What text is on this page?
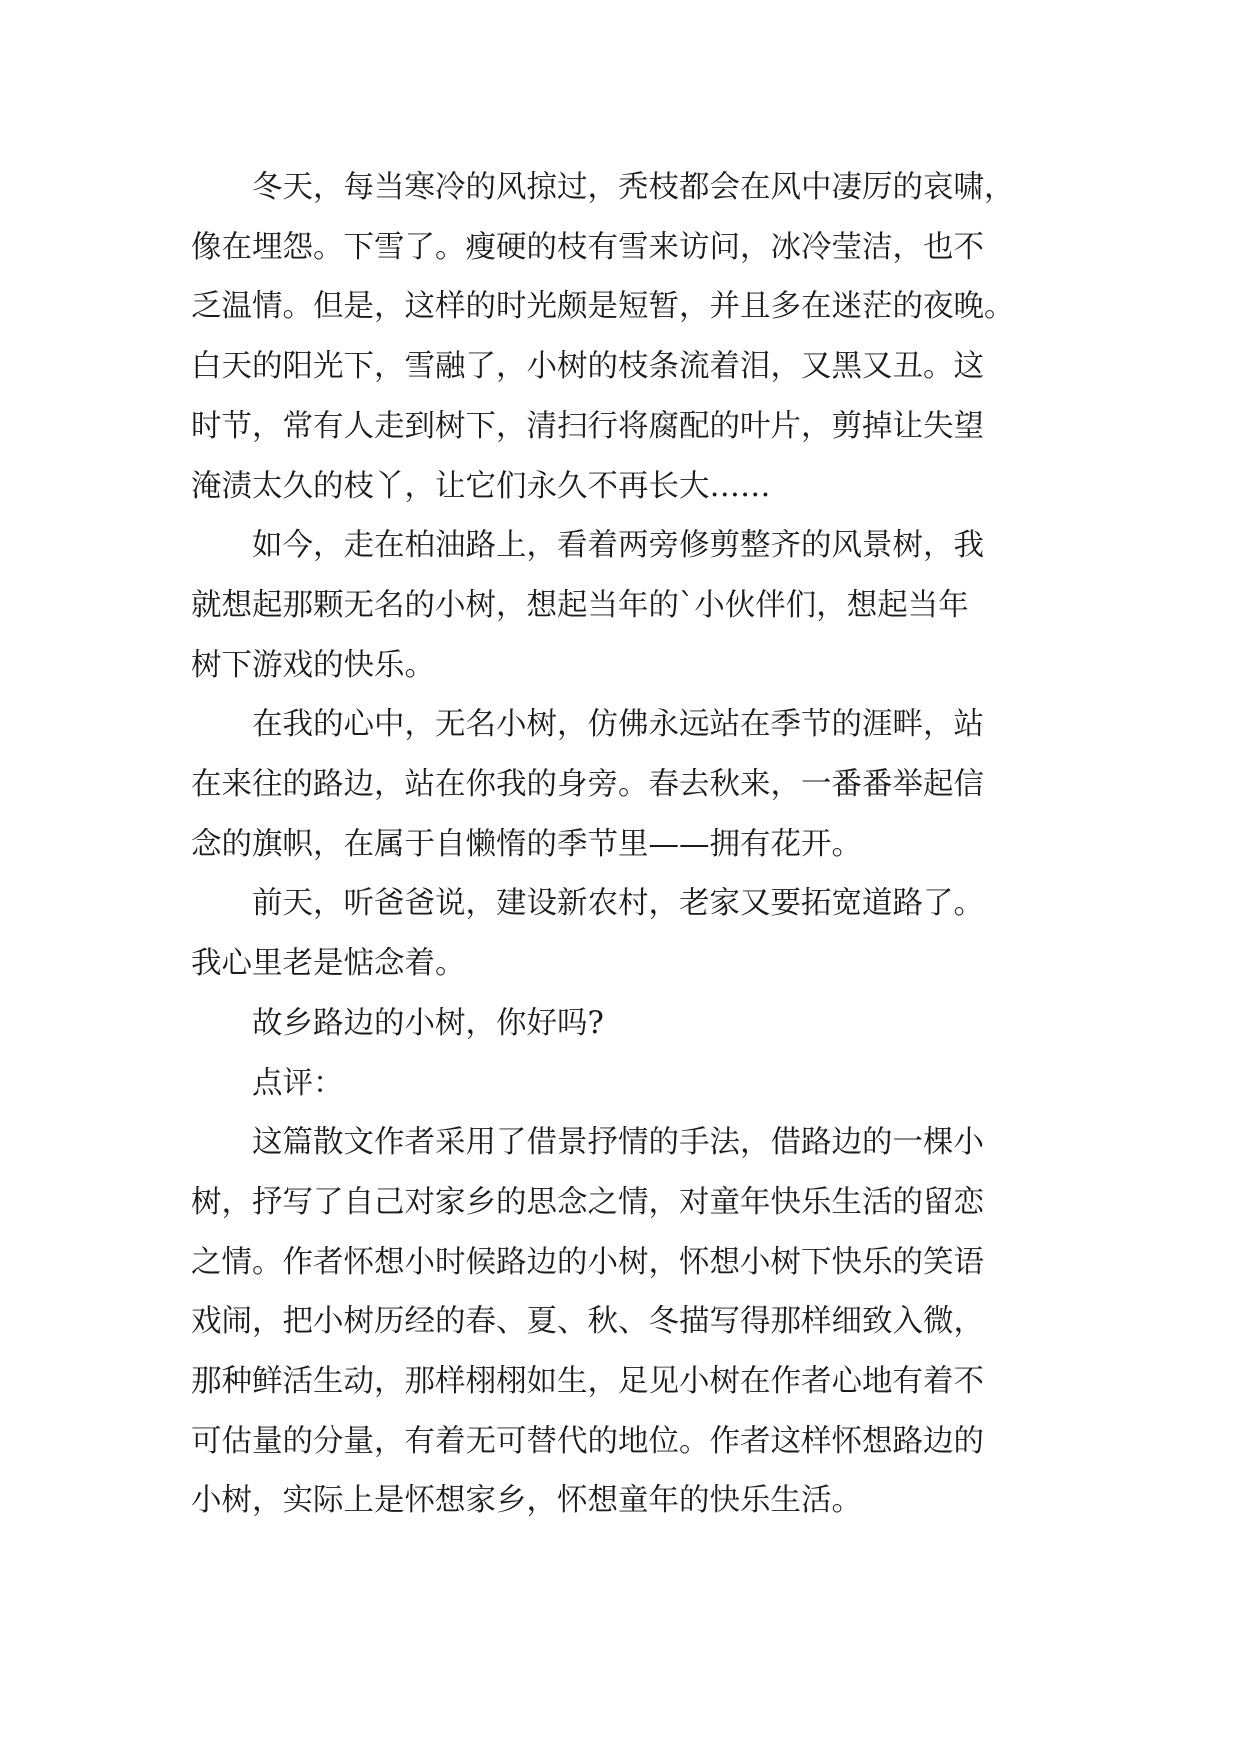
冬天，每当寒冷的风掠过，秃枝都会在风中凄厉的哀啸，
像在埋怨。下雪了。瘦硬的枝有雪来访问，冰冷莹洁，也不
乏温情。但是，这样的时光颇是短暂，并且多在迷茫的夜晚。
白天的阳光下，雪融了，小树的枝条流着泪，又黑又丑。这
时节，常有人走到树下，清扫行将腐配的叶片，剪掉让失望
淹渍太久的枝丫，让它们永久不再长大……

如今，走在柏油路上，看着两旁修剪整齐的风景树，我
就想起那颗无名的小树，想起当年的`小伙伴们，想起当年
树下游戏的快乐。

在我的心中，无名小树，仿佛永远站在季节的涯畔，站
在来往的路边，站在你我的身旁。春去秋来，一番番举起信
念的旗帜，在属于自懒惰的季节里——拥有花开。

前天，听爸爸说，建设新农村，老家又要拓宽道路了。
我心里老是惦念着。

故乡路边的小树，你好吗?

点评：

这篇散文作者采用了借景抒情的手法，借路边的一棵小
树，抒写了自己对家乡的思念之情，对童年快乐生活的留恋
之情。作者怀想小时候路边的小树，怀想小树下快乐的笑语
戏闹，把小树历经的春、夏、秋、冬描写得那样细致入微，
那种鲜活生动，那样栩栩如生，足见小树在作者心地有着不
可估量的分量，有着无可替代的地位。作者这样怀想路边的
小树，实际上是怀想家乡，怀想童年的快乐生活。
